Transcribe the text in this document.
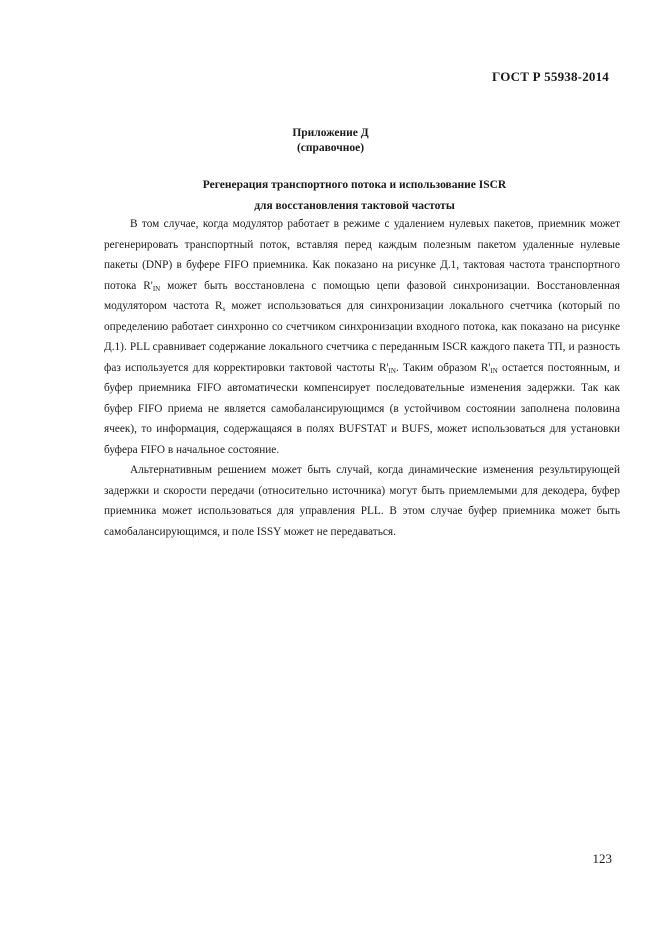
ГОСТ Р 55938-2014
Приложение Д
(справочное)
Регенерация транспортного потока и использование ISCR
для восстановления тактовой частоты

В том случае, когда модулятор работает в режиме с удалением нулевых пакетов, приемник может регенерировать транспортный поток, вставляя перед каждым полезным пакетом удаленные нулевые пакеты (DNP) в буфере FIFO приемника. Как показано на рисунке Д.1, тактовая частота транспортного потока $R'_{IN}$ может быть восстановлена с помощью цепи фазовой синхронизации. Восстановленная модулятором частота $R_s$ может использоваться для синхронизации локального счетчика (который по определению работает синхронно со счетчиком синхронизации входного потока, как показано на рисунке Д.1). PLL сравнивает содержание локального счетчика с переданным ISCR каждого пакета ТП, и разность фаз используется для корректировки тактовой частоты $R'_{IN}$. Таким образом $R'_{IN}$ остается постоянным, и буфер приемника FIFO автоматически компенсирует последовательные изменения задержки. Так как буфер FIFO приема не является самобалансирующимся (в устойчивом состоянии заполнена половина ячеек), то информация, содержащаяся в полях BUFSTAT и BUFS, может использоваться для установки буфера FIFO в начальное состояние.

Альтернативным решением может быть случай, когда динамические изменения результирующей задержки и скорости передачи (относительно источника) могут быть приемлемыми для декодера, буфер приемника может использоваться для управления PLL. В этом случае буфер приемника может быть самобалансирующимся, и поле ISSY может не передаваться.

123
